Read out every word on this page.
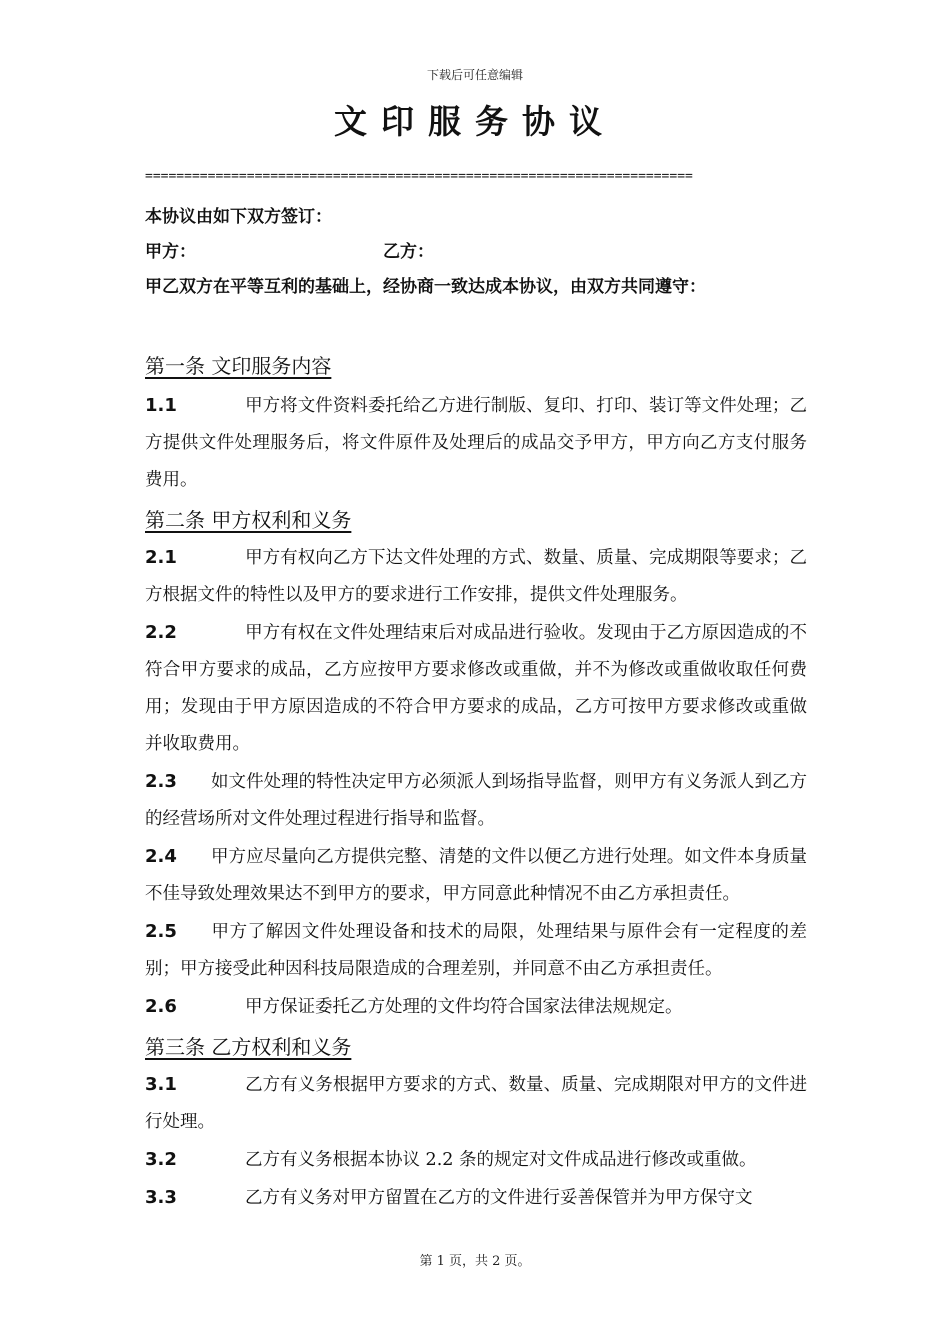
下载后可任意编辑
文印服务协议
======================================================================
本协议由如下双方签订：
甲方：	乙方：
甲乙双方在平等互利的基础上，经协商一致达成本协议，由双方共同遵守：
第一条 文印服务内容
1.1	甲方将文件资料委托给乙方进行制版、复印、打印、装订等文件处理；乙方提供文件处理服务后，将文件原件及处理后的成品交予甲方，甲方向乙方支付服务费用。
第二条 甲方权利和义务
2.1	甲方有权向乙方下达文件处理的方式、数量、质量、完成期限等要求；乙方根据文件的特性以及甲方的要求进行工作安排，提供文件处理服务。
2.2	甲方有权在文件处理结束后对成品进行验收。发现由于乙方原因造成的不符合甲方要求的成品，乙方应按甲方要求修改或重做，并不为修改或重做收取任何费用；发现由于甲方原因造成的不符合甲方要求的成品，乙方可按甲方要求修改或重做并收取费用。
2.3 如文件处理的特性决定甲方必须派人到场指导监督，则甲方有义务派人到乙方的经营场所对文件处理过程进行指导和监督。
2.4 甲方应尽量向乙方提供完整、清楚的文件以便乙方进行处理。如文件本身质量不佳导致处理效果达不到甲方的要求，甲方同意此种情况不由乙方承担责任。
2.5 甲方了解因文件处理设备和技术的局限，处理结果与原件会有一定程度的差别；甲方接受此种因科技局限造成的合理差别，并同意不由乙方承担责任。
2.6	甲方保证委托乙方处理的文件均符合国家法律法规规定。
第三条 乙方权利和义务
3.1	乙方有义务根据甲方要求的方式、数量、质量、完成期限对甲方的文件进行处理。
3.2	乙方有义务根据本协议 2.2 条的规定对文件成品进行修改或重做。
3.3	乙方有义务对甲方留置在乙方的文件进行妥善保管并为甲方保守文
第 1 页，共 2 页。
